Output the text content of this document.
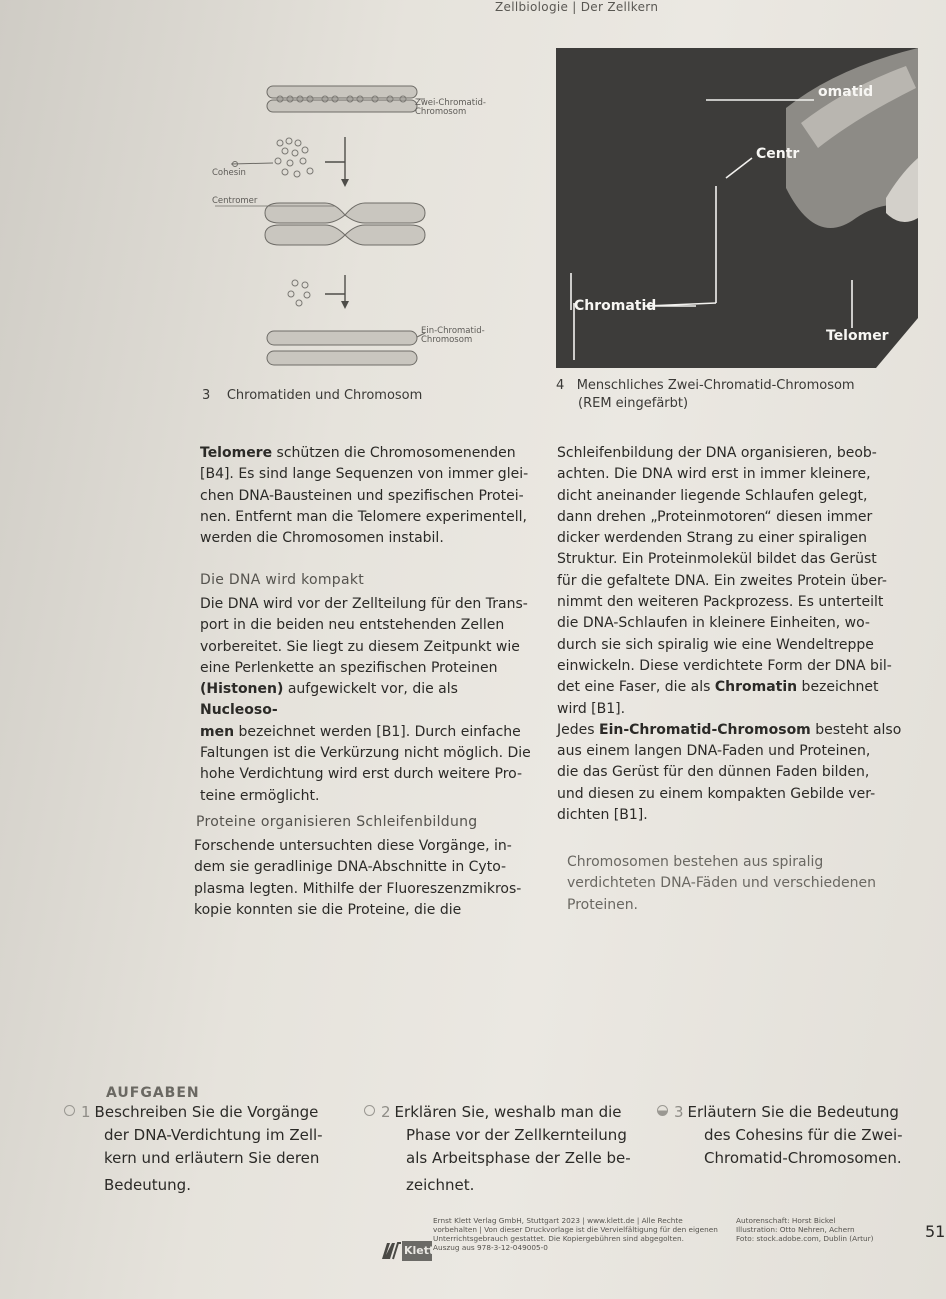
Zellbiologie | Der Zellkern
Zwei-Chromatid-
Chromosom
Cohesin
Centromer
Ein-Chromatid-
Chromosom
3 Chromatiden und Chromosom
omatid
Centr
Chromatid
Telomer
4 Menschliches Zwei-Chromatid-Chromosom
(REM eingefärbt)
Telomere schützen die Chromosomenenden
[B4]. Es sind lange Sequenzen von immer glei-
chen DNA-Bausteinen und spezifischen Protei-
nen. Entfernt man die Telomere experimentell,
werden die Chromosomen instabil.
Die DNA wird kompakt
Die DNA wird vor der Zellteilung für den Trans-
port in die beiden neu entstehenden Zellen
vorbereitet. Sie liegt zu diesem Zeitpunkt wie
eine Perlenkette an spezifischen Proteinen
(Histonen) aufgewickelt vor, die als Nucleoso-
men bezeichnet werden [B1]. Durch einfache
Faltungen ist die Verkürzung nicht möglich. Die
hohe Verdichtung wird erst durch weitere Pro-
teine ermöglicht.
Proteine organisieren Schleifenbildung
Forschende untersuchten diese Vorgänge, in-
dem sie geradlinige DNA-Abschnitte in Cyto-
plasma legten. Mithilfe der Fluoreszenzmikros-
kopie konnten sie die Proteine, die die
Schleifenbildung der DNA organisieren, beob-
achten. Die DNA wird erst in immer kleinere,
dicht aneinander liegende Schlaufen gelegt,
dann drehen „Proteinmotoren“ diesen immer
dicker werdenden Strang zu einer spiraligen
Struktur. Ein Proteinmolekül bildet das Gerüst
für die gefaltete DNA. Ein zweites Protein über-
nimmt den weiteren Packprozess. Es unterteilt
die DNA-Schlaufen in kleinere Einheiten, wo-
durch sie sich spiralig wie eine Wendeltreppe
einwickeln. Diese verdichtete Form der DNA bil-
det eine Faser, die als Chromatin bezeichnet
wird [B1].
Jedes Ein-Chromatid-Chromosom besteht also
aus einem langen DNA-Faden und Proteinen,
die das Gerüst für den dünnen Faden bilden,
und diesen zu einem kompakten Gebilde ver-
dichten [B1].
Chromosomen bestehen aus spiralig
verdichteten DNA-Fäden und verschiedenen
Proteinen.
AUFGABEN
1 Beschreiben Sie die Vorgänge
der DNA-Verdichtung im Zell-
kern und erläutern Sie deren
Bedeutung.
2 Erklären Sie, weshalb man die
Phase vor der Zellkernteilung
als Arbeitsphase der Zelle be-
zeichnet.
3 Erläutern Sie die Bedeutung
des Cohesins für die Zwei-
Chromatid-Chromosomen.
Klett
Ernst Klett Verlag GmbH, Stuttgart 2023 | www.klett.de | Alle Rechte
vorbehalten | Von dieser Druckvorlage ist die Vervielfältigung für den eigenen
Unterrichtsgebrauch gestattet. Die Kopiergebühren sind abgegolten.
Auszug aus 978-3-12-049005-0
Autorenschaft: Horst Bickel
Illustration: Otto Nehren, Achern
Foto: stock.adobe.com, Dublin (Artur)	51
